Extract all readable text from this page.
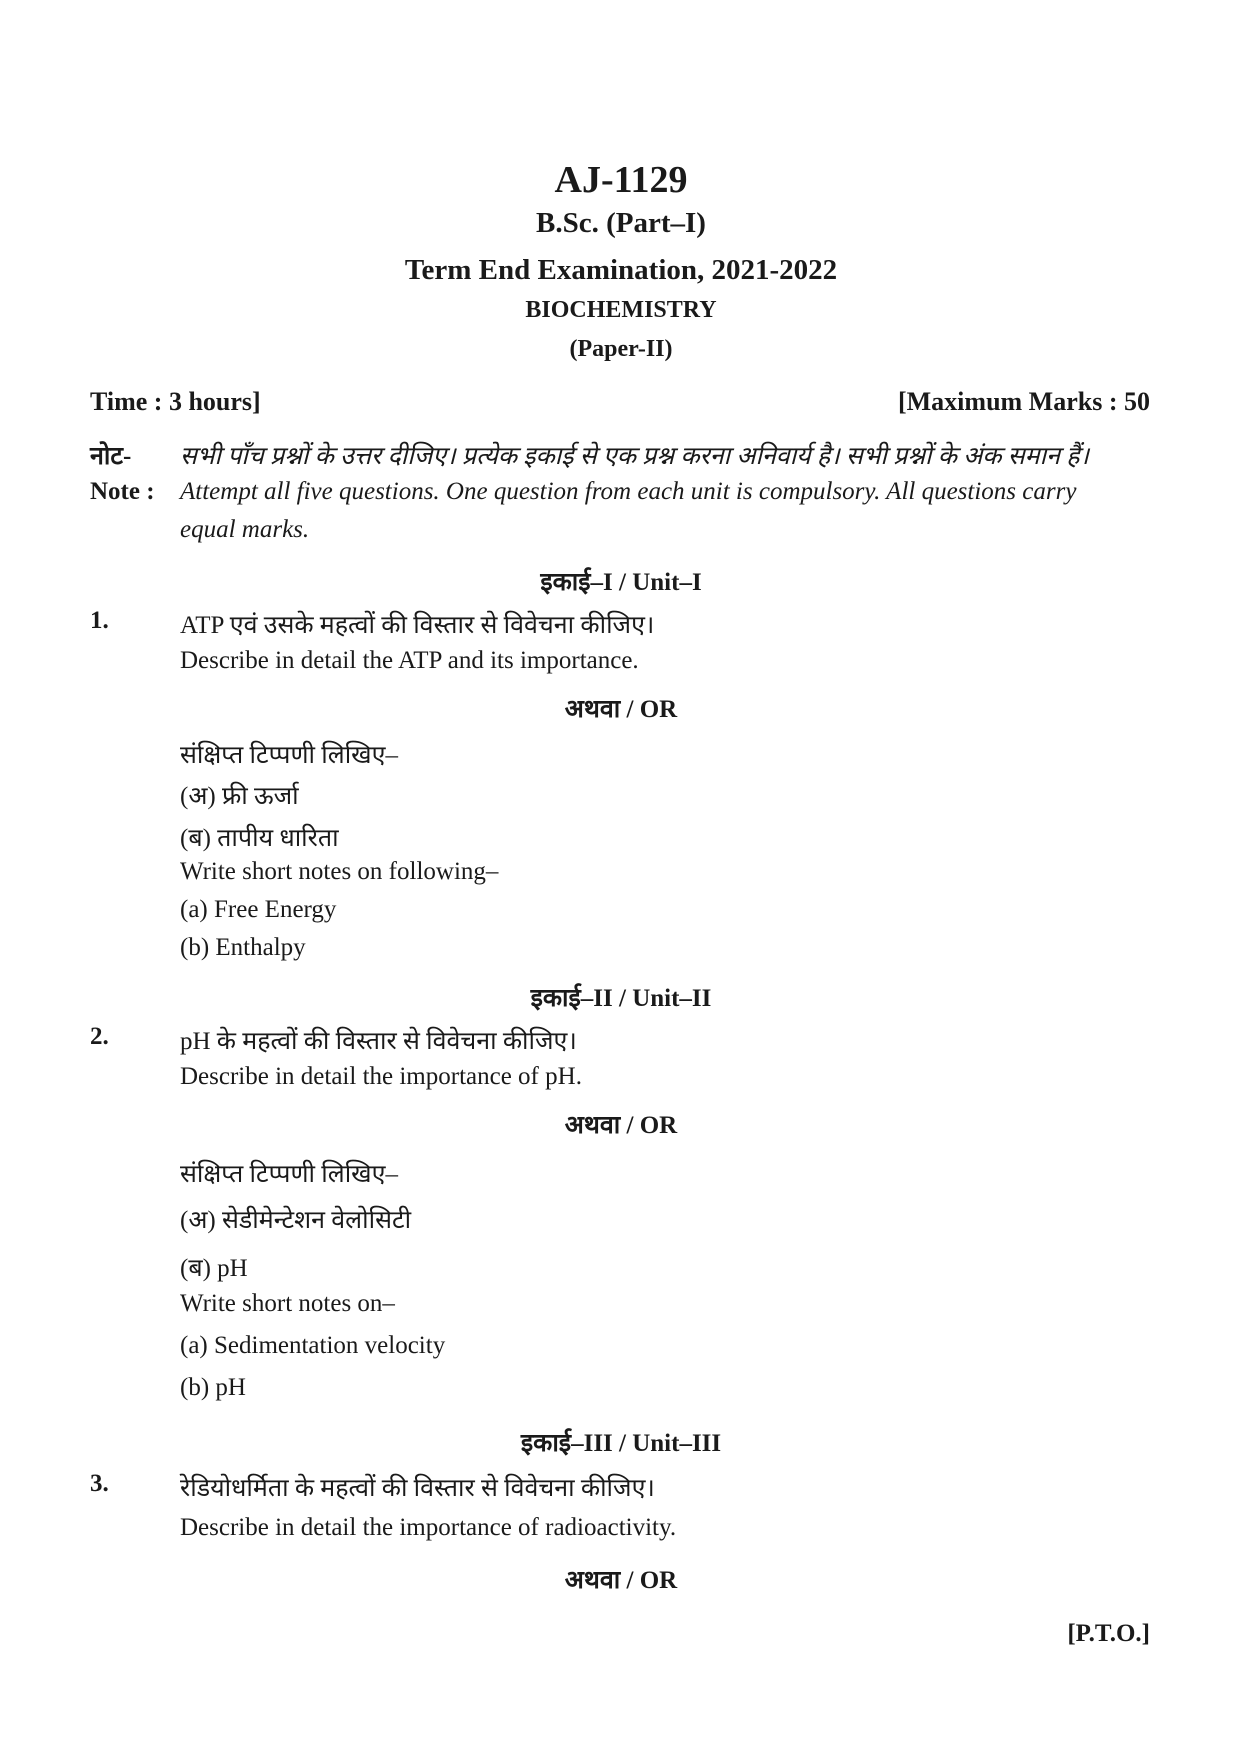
AJ-1129
B.Sc. (Part–I)
Term End Examination, 2021-2022
BIOCHEMISTRY
(Paper-II)
Time : 3 hours]	[Maximum Marks : 50
नोट- सभी पाँच प्रश्नों के उत्तर दीजिए। प्रत्येक इकाई से एक प्रश्न करना अनिवार्य है। सभी प्रश्नों के अंक समान हैं।
Note : Attempt all five questions. One question from each unit is compulsory. All questions carry
equal marks.
इकाई–I / Unit–I
1.	ATP एवं उसके महत्वों की विस्तार से विवेचना कीजिए।
Describe in detail the ATP and its importance.
अथवा / OR
संक्षिप्त टिप्पणी लिखिए–
(अ) फ्री ऊर्जा
(ब) तापीय धारिता
Write short notes on following–
(a) Free Energy
(b) Enthalpy
इकाई–II / Unit–II
2.	pH के महत्वों की विस्तार से विवेचना कीजिए।
Describe in detail the importance of pH.
अथवा / OR
संक्षिप्त टिप्पणी लिखिए–
(अ) सेडीमेन्टेशन वेलोसिटी
(ब) pH
Write short notes on–
(a) Sedimentation velocity
(b) pH
इकाई–III / Unit–III
3.	रेडियोधर्मिता के महत्वों की विस्तार से विवेचना कीजिए।
Describe in detail the importance of radioactivity.
अथवा / OR
[P.T.O.]
